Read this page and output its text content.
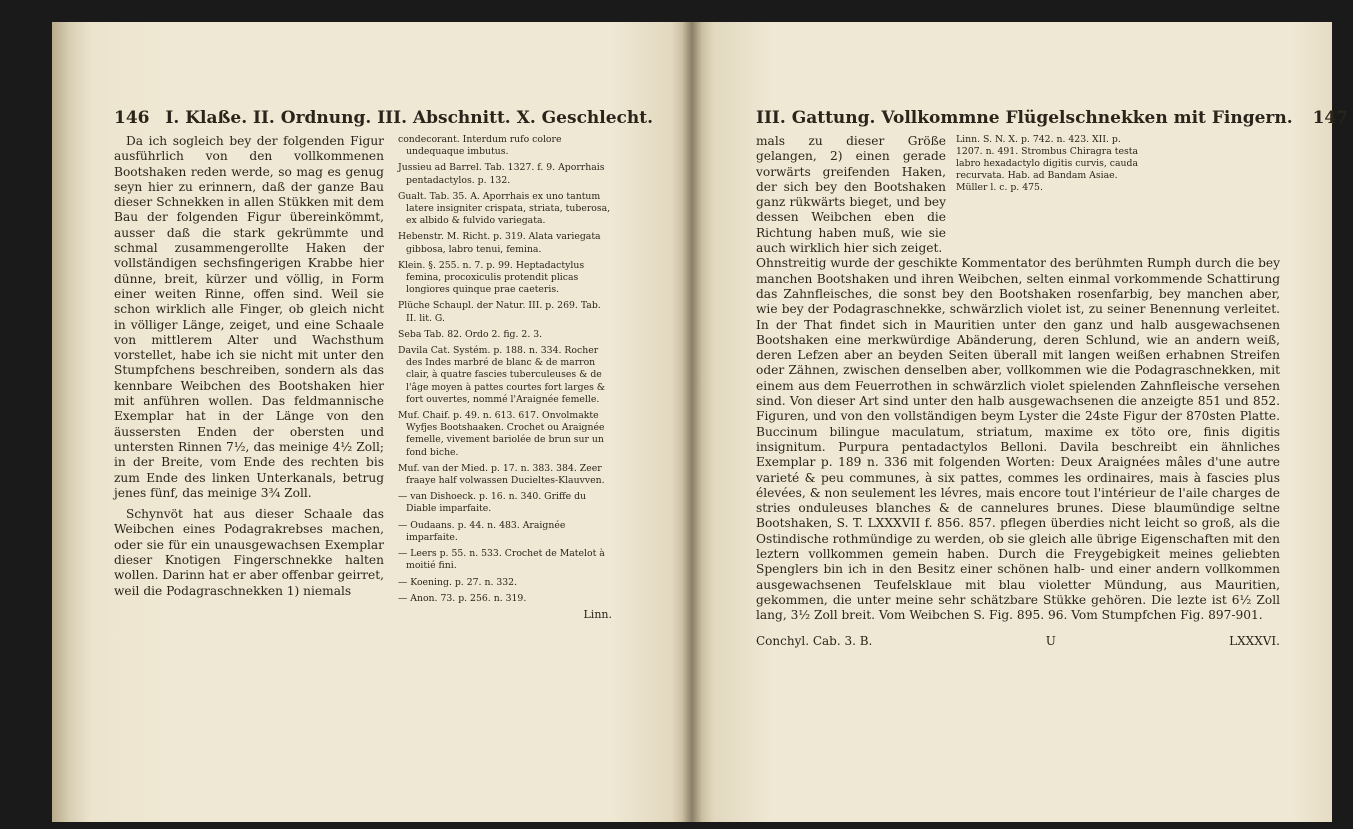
146 I. Klaße. II. Ordnung. III. Abschnitt. X. Geschlecht.

Da ich sogleich bey der folgenden Figur ausführlich von den vollkommenen Bootshaken reden werde, so mag es genug seyn hier zu erinnern, daß der ganze Bau dieser Schnekken in allen Stükken mit dem Bau der folgenden Figur übereinkömmt, ausser daß die stark gekrümmte und schmal zusammengerollte Haken der vollständigen sechsfingerigen Krabbe hier dünne, breit, kürzer und völlig, in Form einer weiten Rinne, offen sind. Weil sie schon wirklich alle Finger, ob gleich nicht in völliger Länge, zeiget, und eine Schaale von mittlerem Alter und Wachsthum vorstellet, habe ich sie nicht mit unter den Stumpfchens beschreiben, sondern als das kennbare Weibchen des Bootshaken hier mit anführen wollen. Das feldmannische Exemplar hat in der Länge von den äussersten Enden der obersten und untersten Rinnen 7½, das meinige 4½ Zoll; in der Breite, vom Ende des rechten bis zum Ende des linken Unterkanals, betrug jenes fünf, das meinige 3¾ Zoll.

Schynvöt hat aus dieser Schaale das Weibchen eines Podagrakrebses machen, oder sie für ein unausgewachsen Exemplar dieser Knotigen Fingerschnekke halten wollen. Darinn hat er aber offenbar geirret, weil die Podagraschnekken 1) niemals

condecorant. Interdum rufo colore undequaque imbutus.

Jussieu ad Barrel. Tab. 1327. f. 9. Aporrhais pentadactylos. p. 132.

Gualt. Tab. 35. A. Aporrhais ex uno tantum latere insigniter crispata, striata, tuberosa, ex albido & fulvido variegata.

Hebenstr. M. Richt. p. 319. Alata variegata gibbosa, labro tenui, femina.

Klein. §. 255. n. 7. p. 99. Heptadactylus femina, procoxiculis protendit plicas longiores quinque prae caeteris.

Plüche Schaupl. der Natur. III. p. 269. Tab. II. lit. G.

Seba Tab. 82. Ordo 2. fig. 2. 3.

Davila Cat. Systém. p. 188. n. 334. Rocher des Indes marbré de blanc & de marron clair, à quatre fascies tuberculeuses & de l'âge moyen à pattes courtes fort larges & fort ouvertes, nommé l'Araignée femelle.

Muf. Chaif. p. 49. n. 613. 617. Onvolmakte Wyfjes Bootshaaken. Crochet ou Araignée femelle, vivement bariolée de brun sur un fond biche.

Muf. van der Mied. p. 17. n. 383. 384. Zeer fraaye half volwassen Ducieltes-Klauvven.

— van Dishoeck. p. 16. n. 340. Griffe du Diable imparfaite.

— Oudaans. p. 44. n. 483. Araignée imparfaite.

— Leers p. 55. n. 533. Crochet de Matelot à moitié fini.

— Koening. p. 27. n. 332.

— Anon. 73. p. 256. n. 319.

Linn.
III. Gattung. Vollkommne Flügelschnekken mit Fingern. 147
mals zu dieser Größe gelangen, 2) einen gerade vorwärts greifenden Haken, der sich bey den Bootshaken ganz rükwärts bieget, und bey dessen Weibchen eben die Richtung haben muß, wie sie auch wirklich hier sich zeiget.
Linn. S. N. X. p. 742. n. 423. XII. p. 1207. n. 491. Strombus Chiragra testa labro hexadactylo digitis curvis, cauda recurvata. Hab. ad Bandam Asiae.
Müller l. c. p. 475.
Ohnstreitig wurde der geschikte Kommentator des berühmten Rumph durch die bey manchen Bootshaken und ihren Weibchen, selten einmal vorkommende Schattirung das Zahnfleisches, die sonst bey den Bootshaken rosenfarbig, bey manchen aber, wie bey der Podagraschnekke, schwärzlich violet ist, zu seiner Benennung verleitet. In der That findet sich in Mauritien unter den ganz und halb ausgewachsenen Bootshaken eine merkwürdige Abänderung, deren Schlund, wie an andern weiß, deren Lefzen aber an beyden Seiten überall mit langen weißen erhabnen Streifen oder Zähnen, zwischen denselben aber, vollkommen wie die Podagraschnekken, mit einem aus dem Feuerrothen in schwärzlich violet spielenden Zahnfleische versehen sind. Von dieser Art sind unter den halb ausgewachsenen die anzeigte 851 und 852. Figuren, und von den vollständigen beym Lyster die 24ste Figur der 870sten Platte. Buccinum bilingue maculatum, striatum, maxime ex töto ore, finis digitis insignitum. Purpura pentadactylos Belloni. Davila beschreibt ein ähnliches Exemplar p. 189 n. 336 mit folgenden Worten: Deux Araignées mâles d'une autre varieté & peu communes, à six pattes, commes les ordinaires, mais à fascies plus élevées, & non seulement les lévres, mais encore tout l'intérieur de l'aile charges de stries onduleuses blanches & de cannelures brunes. Diese blaumündige seltne Bootshaken, S. T. LXXXVII f. 856. 857. pflegen überdies nicht leicht so groß, als die Ostindische rothmündige zu werden, ob sie gleich alle übrige Eigenschaften mit den leztern vollkommen gemein haben. Durch die Freygebigkeit meines geliebten Spenglers bin ich in den Besitz einer schönen halb- und einer andern vollkommen ausgewachsenen Teufelsklaue mit blau violetter Mündung, aus Mauritien, gekommen, die unter meine sehr schätzbare Stükke gehören. Die lezte ist 6½ Zoll lang, 3½ Zoll breit. Vom Weibchen S. Fig. 895. 96. Vom Stumpfchen Fig. 897-901.
Conchyl. Cab. 3. B.	U	LXXXVI.
